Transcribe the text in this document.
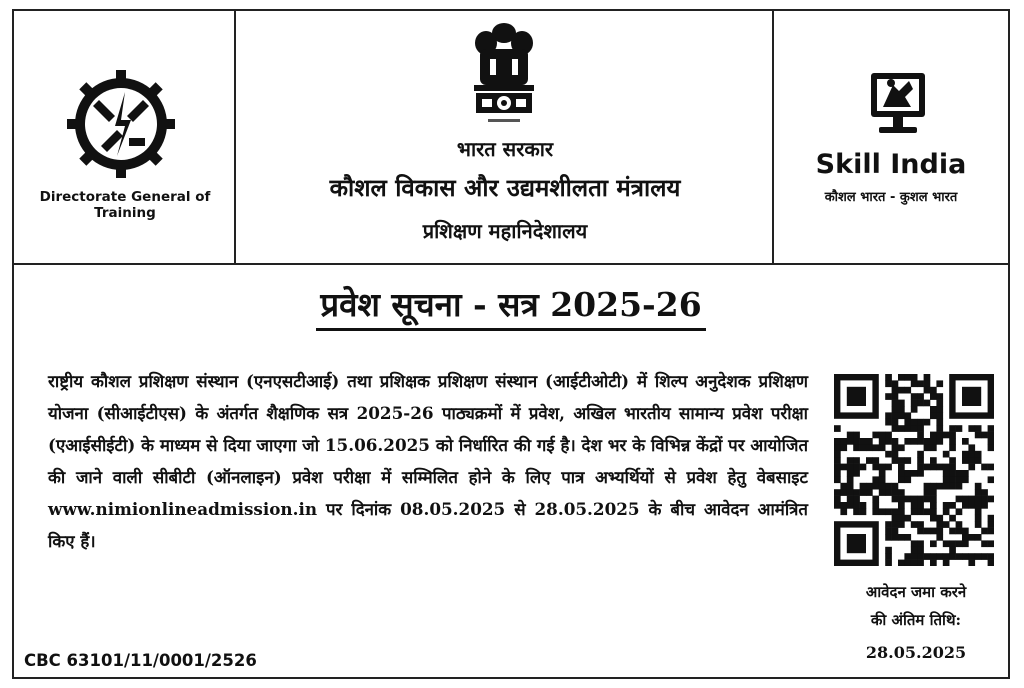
Directorate General of Training
भारत सरकार
कौशल विकास और उद्यमशीलता मंत्रालय
प्रशिक्षण महानिदेशालय
Skill India
कौशल भारत - कुशल भारत
प्रवेश सूचना - सत्र 2025-26

राष्ट्रीय कौशल प्रशिक्षण संस्थान (एनएसटीआई) तथा प्रशिक्षक प्रशिक्षण संस्थान (आईटीओटी) में शिल्प अनुदेशक प्रशिक्षण योजना (सीआईटीएस) के अंतर्गत शैक्षणिक सत्र 2025-26 पाठ्यक्रमों में प्रवेश, अखिल भारतीय सामान्य प्रवेश परीक्षा (एआईसीईटी) के माध्यम से दिया जाएगा जो 15.06.2025 को निर्धारित की गई है। देश भर के विभिन्न केंद्रों पर आयोजित की जाने वाली सीबीटी (ऑनलाइन) प्रवेश परीक्षा में सम्मिलित होने के लिए पात्र अभ्यर्थियों से प्रवेश हेतु वेबसाइट www.nimionlineadmission.in पर दिनांक 08.05.2025 से 28.05.2025 के बीच आवेदन आमंत्रित किए हैं।

आवेदन जमा करने
की अंतिम तिथि:
28.05.2025
CBC 63101/11/0001/2526
